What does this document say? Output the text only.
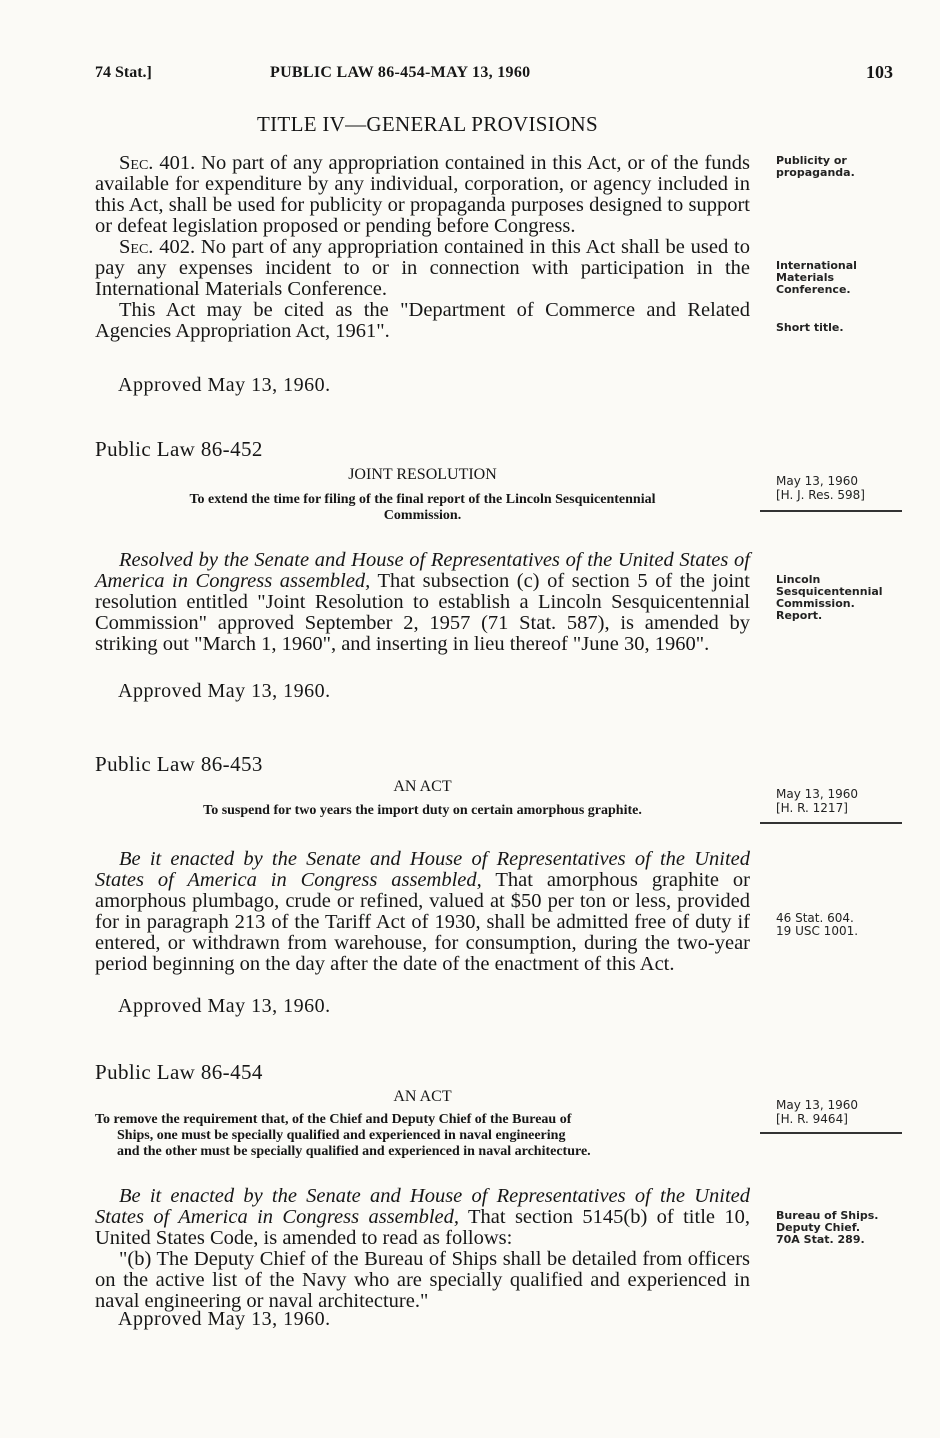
74 Stat.]	PUBLIC LAW 86-454-MAY 13, 1960	103
TITLE IV—GENERAL PROVISIONS

Sec. 401. No part of any appropriation contained in this Act, or of the funds available for expenditure by any individual, corporation, or agency included in this Act, shall be used for publicity or propaganda purposes designed to support or defeat legislation proposed or pending before Congress.

Sec. 402. No part of any appropriation contained in this Act shall be used to pay any expenses incident to or in connection with participation in the International Materials Conference.

This Act may be cited as the "Department of Commerce and Related Agencies Appropriation Act, 1961".

Approved May 13, 1960.
Publicity or propaganda.
International Materials Conference.
Short title.
Public Law 86-452
JOINT RESOLUTION
To extend the time for filing of the final report of the Lincoln Sesquicentennial
Commission.
May 13, 1960
[H. J. Res. 598]

Resolved by the Senate and House of Representatives of the United States of America in Congress assembled, That subsection (c) of section 5 of the joint resolution entitled "Joint Resolution to establish a Lincoln Sesquicentennial Commission" approved September 2, 1957 (71 Stat. 587), is amended by striking out "March 1, 1960", and inserting in lieu thereof "June 30, 1960".

Approved May 13, 1960.
Lincoln Sesquicentennial Commission. Report.
Public Law 86-453
AN ACT
To suspend for two years the import duty on certain amorphous graphite.
May 13, 1960
[H. R. 1217]

Be it enacted by the Senate and House of Representatives of the United States of America in Congress assembled, That amorphous graphite or amorphous plumbago, crude or refined, valued at $50 per ton or less, provided for in paragraph 213 of the Tariff Act of 1930, shall be admitted free of duty if entered, or withdrawn from warehouse, for consumption, during the two-year period beginning on the day after the date of the enactment of this Act.

Approved May 13, 1960.
46 Stat. 604.
19 USC 1001.
Public Law 86-454
AN ACT
To remove the requirement that, of the Chief and Deputy Chief of the Bureau of
Ships, one must be specially qualified and experienced in naval engineering
and the other must be specially qualified and experienced in naval architecture.
May 13, 1960
[H. R. 9464]

Be it enacted by the Senate and House of Representatives of the United States of America in Congress assembled, That section 5145(b) of title 10, United States Code, is amended to read as follows:

"(b) The Deputy Chief of the Bureau of Ships shall be detailed from officers on the active list of the Navy who are specially qualified and experienced in naval engineering or naval architecture."

Approved May 13, 1960.
Bureau of Ships.
Deputy Chief.
70A Stat. 289.
